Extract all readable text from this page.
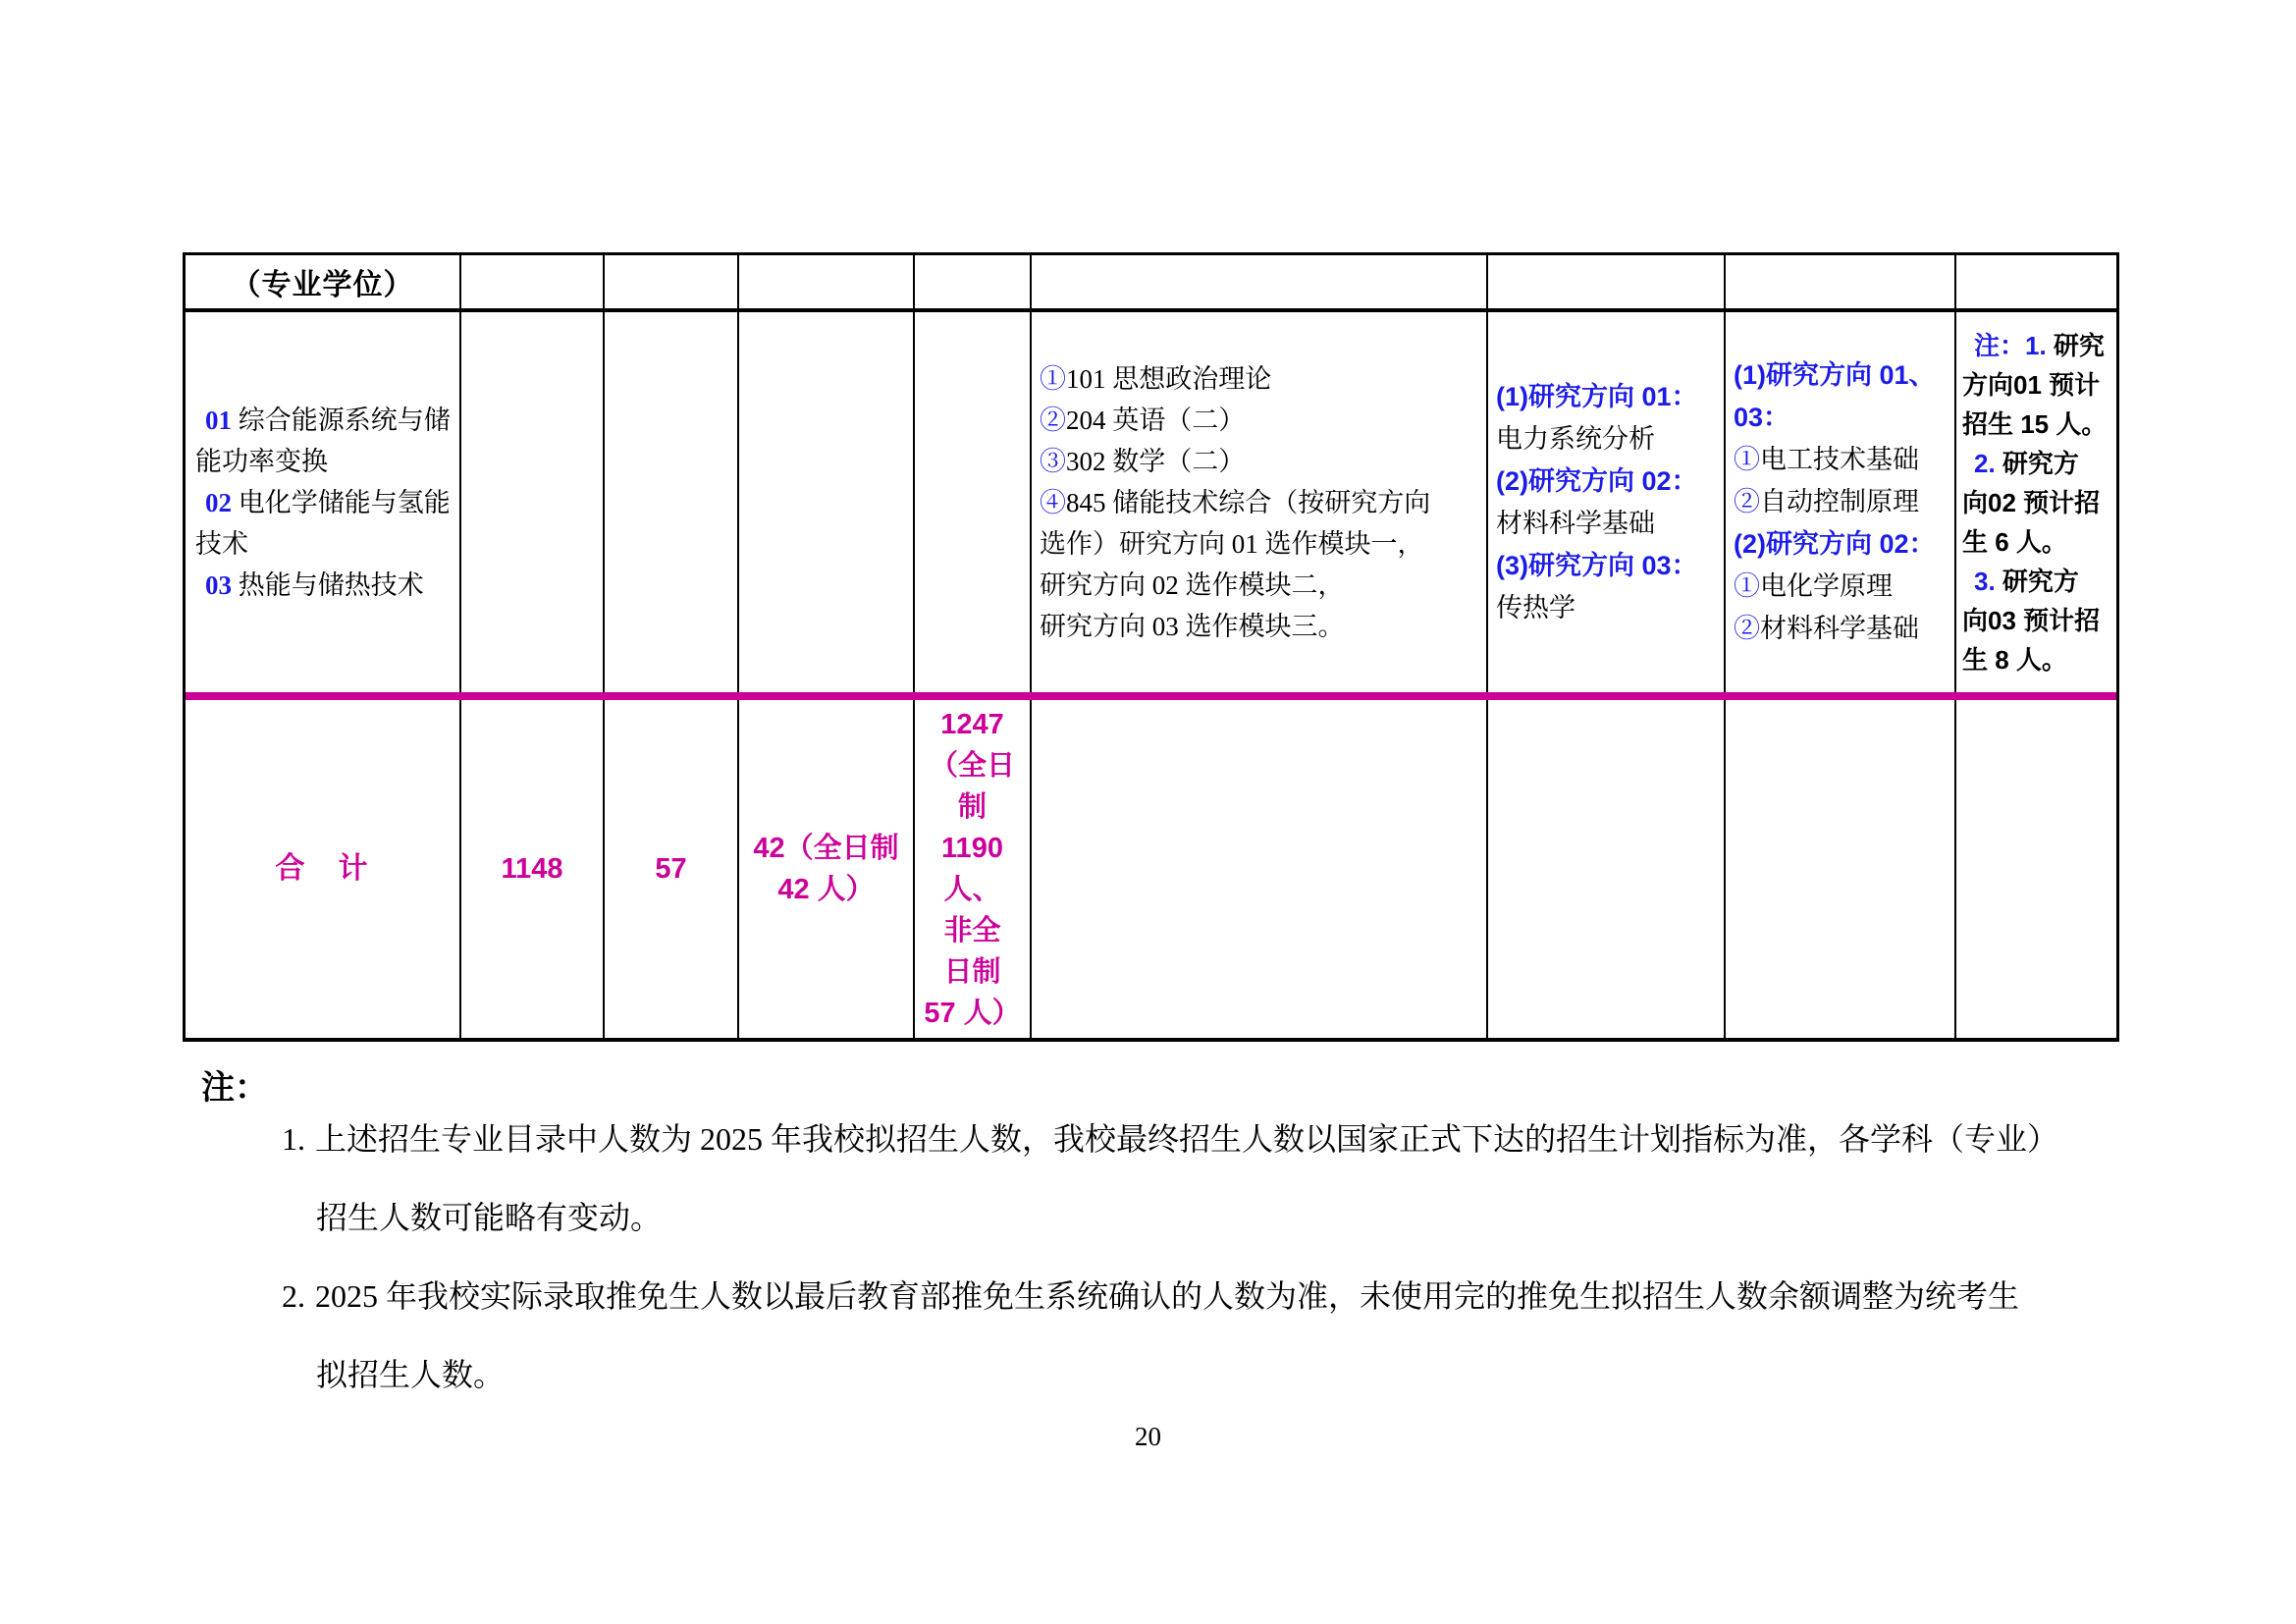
（专业学位）
01 综合能源系统与储能功率变换
02 电化学储能与氢能技术
03 热能与储热技术
①101 思想政治理论
②204 英语（二）
③302 数学（二）
④845 储能技术综合（按研究方向
选作）研究方向 01 选作模块一，
研究方向 02 选作模块二，
研究方向 03 选作模块三。
(1)研究方向 01：
电力系统分析
(2)研究方向 02：
材料科学基础
(3)研究方向 03：
传热学
(1)研究方向 01、
03：
①电工技术基础
②自动控制原理
(2)研究方向 02：
①电化学原理
②材料科学基础
注：1. 研究
方向01 预计
招生 15 人。
2. 研究方
向02 预计招
生 6 人。
3. 研究方
向03 预计招
生 8 人。
合　计	1148	57
42（全日制
42 人）
1247
（全日
制
1190
人、
非全
日制
57 人）
注：
1. 上述招生专业目录中人数为 2025 年我校拟招生人数，我校最终招生人数以国家正式下达的招生计划指标为准，各学科（专业）
招生人数可能略有变动。
2. 2025 年我校实际录取推免生人数以最后教育部推免生系统确认的人数为准，未使用完的推免生拟招生人数余额调整为统考生
拟招生人数。
20
